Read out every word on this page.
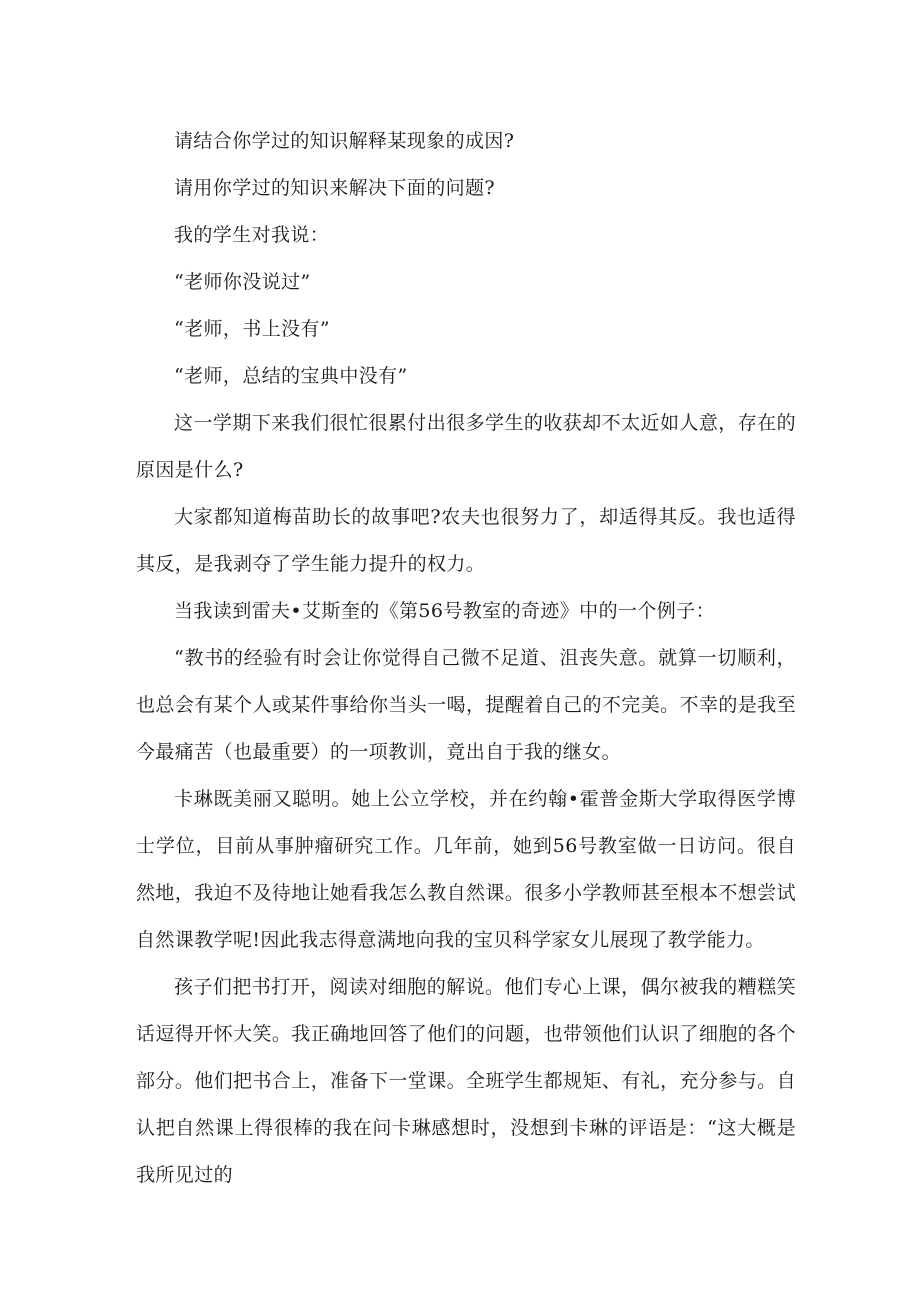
请结合你学过的知识解释某现象的成因?

请用你学过的知识来解决下面的问题?

我的学生对我说：

“老师你没说过”

“老师，书上没有”

“老师，总结的宝典中没有”

这一学期下来我们很忙很累付出很多学生的收获却不太近如人意，存在的原因是什么?

大家都知道梅苗助长的故事吧?农夫也很努力了，却适得其反。我也适得其反，是我剥夺了学生能力提升的权力。

当我读到雷夫•艾斯奎的《第56号教室的奇迹》中的一个例子：

“教书的经验有时会让你觉得自己微不足道、沮丧失意。就算一切顺利，也总会有某个人或某件事给你当头一喝，提醒着自己的不完美。不幸的是我至今最痛苦（也最重要）的一项教训，竟出自于我的继女。

卡琳既美丽又聪明。她上公立学校，并在约翰•霍普金斯大学取得医学博士学位，目前从事肿瘤研究工作。几年前，她到56号教室做一日访问。很自然地，我迫不及待地让她看我怎么教自然课。很多小学教师甚至根本不想尝试自然课教学呢!因此我志得意满地向我的宝贝科学家女儿展现了教学能力。

孩子们把书打开，阅读对细胞的解说。他们专心上课，偶尔被我的糟糕笑话逗得开怀大笑。我正确地回答了他们的问题，也带领他们认识了细胞的各个部分。他们把书合上，准备下一堂课。全班学生都规矩、有礼，充分参与。自认把自然课上得很棒的我在问卡琳感想时，没想到卡琳的评语是：“这大概是我所见过的
